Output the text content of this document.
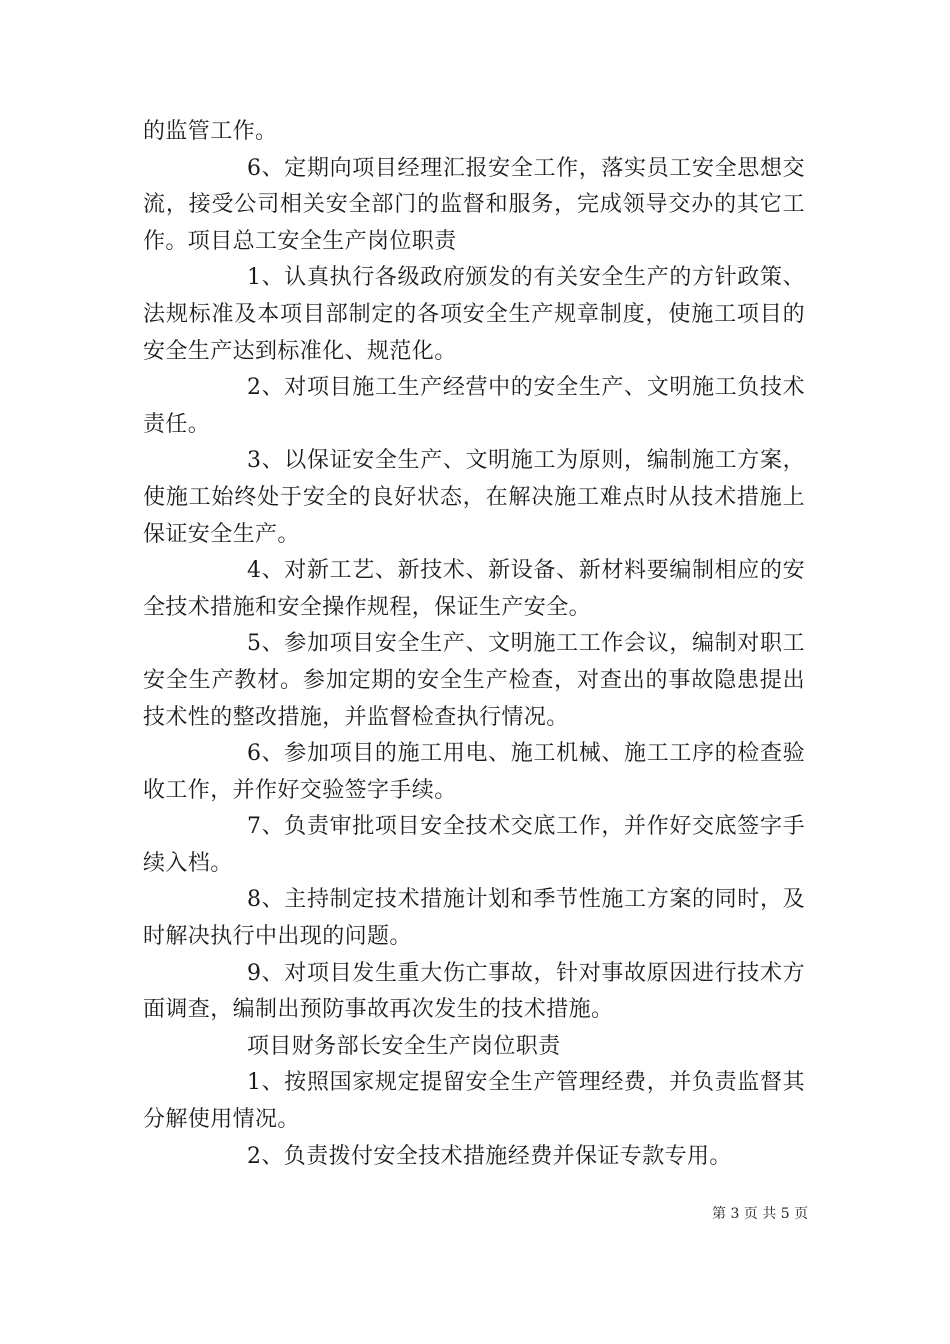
的监管工作。

6、定期向项目经理汇报安全工作，落实员工安全思想交流，接受公司相关安全部门的监督和服务，完成领导交办的其它工作。项目总工安全生产岗位职责

1、认真执行各级政府颁发的有关安全生产的方针政策、法规标准及本项目部制定的各项安全生产规章制度，使施工项目的安全生产达到标准化、规范化。

2、对项目施工生产经营中的安全生产、文明施工负技术责任。

3、以保证安全生产、文明施工为原则，编制施工方案，使施工始终处于安全的良好状态，在解决施工难点时从技术措施上保证安全生产。

4、对新工艺、新技术、新设备、新材料要编制相应的安全技术措施和安全操作规程，保证生产安全。

5、参加项目安全生产、文明施工工作会议，编制对职工安全生产教材。参加定期的安全生产检查，对查出的事故隐患提出技术性的整改措施，并监督检查执行情况。

6、参加项目的施工用电、施工机械、施工工序的检查验收工作，并作好交验签字手续。

7、负责审批项目安全技术交底工作，并作好交底签字手续入档。

8、主持制定技术措施计划和季节性施工方案的同时，及时解决执行中出现的问题。

9、对项目发生重大伤亡事故，针对事故原因进行技术方面调查，编制出预防事故再次发生的技术措施。

项目财务部长安全生产岗位职责

1、按照国家规定提留安全生产管理经费，并负责监督其分解使用情况。

2、负责拨付安全技术措施经费并保证专款专用。

第 3 页 共 5 页
